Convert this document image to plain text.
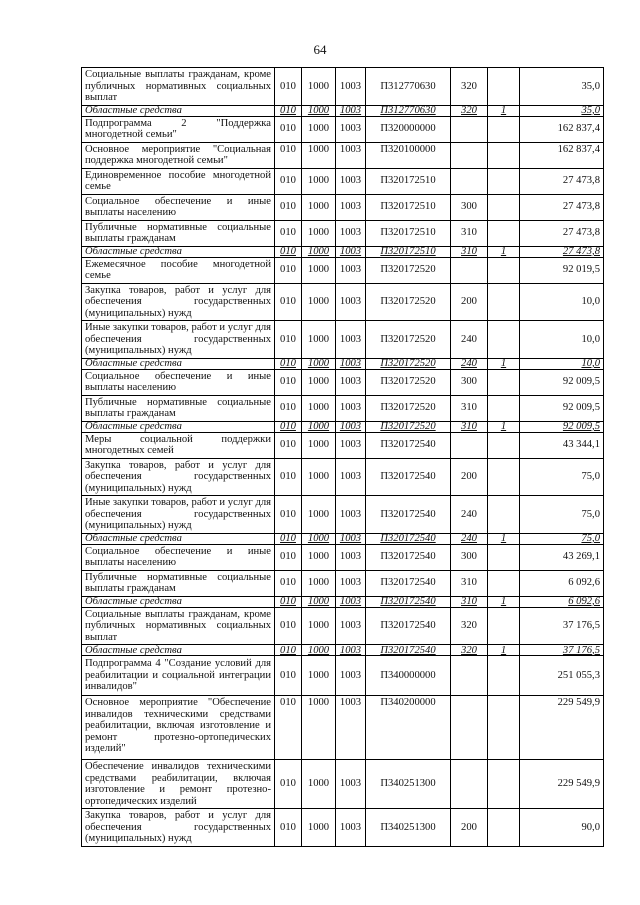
64
Социальные выплаты гражданам, кроме публичных нормативных социальных выплат	010	1000	1003	П312770630	320		35,0
Областные средства	010	1000	1003	П312770630	320	1	35,0
Подпрограмма 2 "Поддержка многодетной семьи"	010	1000	1003	П320000000			162 837,4
Основное мероприятие "Социальная поддержка многодетной семьи"	010	1000	1003	П320100000			162 837,4
Единовременное пособие многодетной семье	010	1000	1003	П320172510			27 473,8
Социальное обеспечение и иные выплаты населению	010	1000	1003	П320172510	300		27 473,8
Публичные нормативные социальные выплаты гражданам	010	1000	1003	П320172510	310		27 473,8
Областные средства	010	1000	1003	П320172510	310	1	27 473,8
Ежемесячное пособие многодетной семье	010	1000	1003	П320172520			92 019,5
Закупка товаров, работ и услуг для обеспечения государственных (муниципальных) нужд	010	1000	1003	П320172520	200		10,0
Иные закупки товаров, работ и услуг для обеспечения государственных (муниципальных) нужд	010	1000	1003	П320172520	240		10,0
Областные средства	010	1000	1003	П320172520	240	1	10,0
Социальное обеспечение и иные выплаты населению	010	1000	1003	П320172520	300		92 009,5
Публичные нормативные социальные выплаты гражданам	010	1000	1003	П320172520	310		92 009,5
Областные средства	010	1000	1003	П320172520	310	1	92 009,5
Меры социальной поддержки многодетных семей	010	1000	1003	П320172540			43 344,1
Закупка товаров, работ и услуг для обеспечения государственных (муниципальных) нужд	010	1000	1003	П320172540	200		75,0
Иные закупки товаров, работ и услуг для обеспечения государственных (муниципальных) нужд	010	1000	1003	П320172540	240		75,0
Областные средства	010	1000	1003	П320172540	240	1	75,0
Социальное обеспечение и иные выплаты населению	010	1000	1003	П320172540	300		43 269,1
Публичные нормативные социальные выплаты гражданам	010	1000	1003	П320172540	310		6 092,6
Областные средства	010	1000	1003	П320172540	310	1	6 092,6
Социальные выплаты гражданам, кроме публичных нормативных социальных выплат	010	1000	1003	П320172540	320		37 176,5
Областные средства	010	1000	1003	П320172540	320	1	37 176,5
Подпрограмма 4 "Создание условий для реабилитации и социальной интеграции инвалидов"	010	1000	1003	П340000000			251 055,3
Основное мероприятие "Обеспечение инвалидов техническими средствами реабилитации, включая изготовление и ремонт протезно-ортопедических изделий"	010	1000	1003	П340200000			229 549,9
Обеспечение инвалидов техническими средствами реабилитации, включая изготовление и ремонт протезно-ортопедических изделий	010	1000	1003	П340251300			229 549,9
Закупка товаров, работ и услуг для обеспечения государственных (муниципальных) нужд	010	1000	1003	П340251300	200		90,0
